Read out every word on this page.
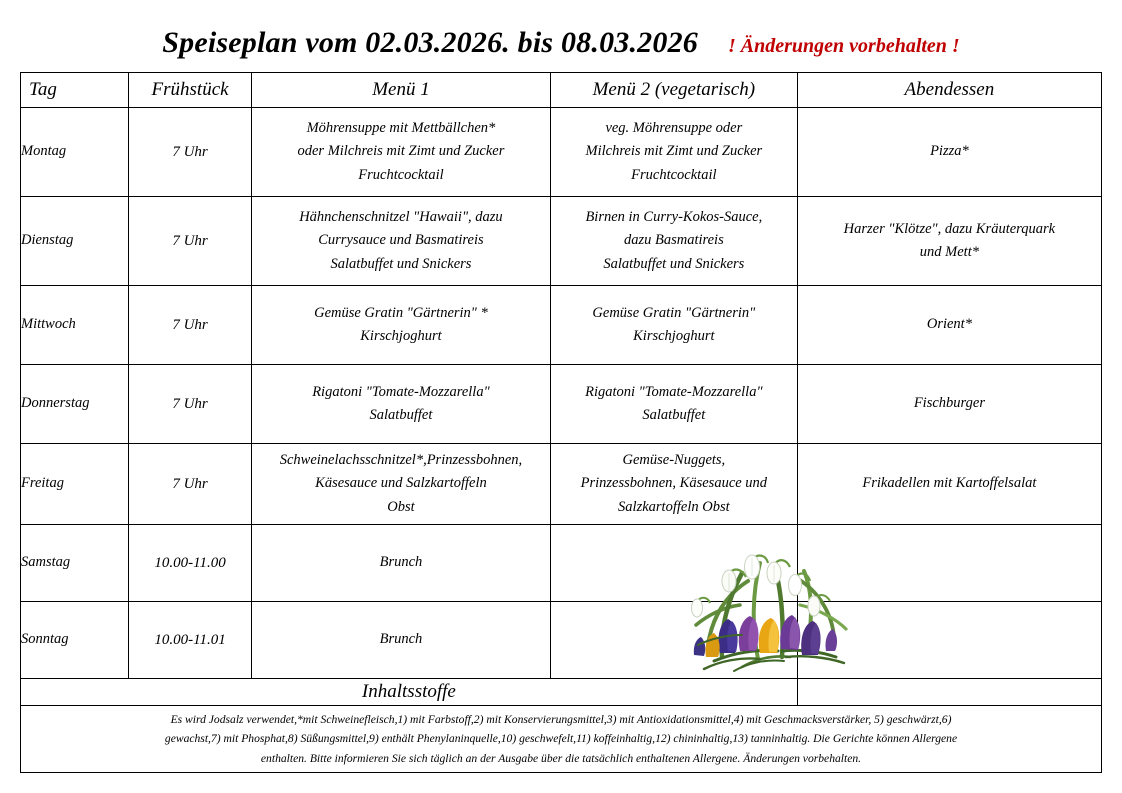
Speiseplan vom 02.03.2026. bis 08.03.2026 ! Änderungen vorbehalten !
Tag	Frühstück	Menü 1	Menü 2 (vegetarisch)	Abendessen
Montag	7 Uhr	Möhrensuppe mit Mettbällchen*
oder Milchreis mit Zimt und Zucker
Fruchtcocktail	veg. Möhrensuppe oder
Milchreis mit Zimt und Zucker
Fruchtcocktail	Pizza*

Dienstag	7 Uhr	Hähnchenschnitzel "Hawaii", dazu
Currysauce und Basmatireis
Salatbuffet und Snickers	Birnen in Curry-Kokos-Sauce,
dazu Basmatireis
Salatbuffet und Snickers	Harzer "Klötze", dazu Kräuterquark
und Mett*

Mittwoch	7 Uhr	Gemüse Gratin "Gärtnerin" *
Kirschjoghurt	Gemüse Gratin "Gärtnerin"
Kirschjoghurt	Orient*

Donnerstag	7 Uhr	Rigatoni "Tomate-Mozzarella"
Salatbuffet	Rigatoni "Tomate-Mozzarella"
Salatbuffet	Fischburger

Freitag	7 Uhr	Schweinelachsschnitzel*,Prinzessbohnen,
Käsesauce und Salzkartoffeln
Obst	Gemüse-Nuggets,
Prinzessbohnen, Käsesauce und
Salzkartoffeln Obst	Frikadellen mit Kartoffelsalat

Samstag	10.00-11.00	Brunch		

Sonntag	10.00-11.01	Brunch		

Inhaltsstoffe				

Es wird Jodsalz verwendet,*mit Schweinefleisch,1) mit Farbstoff,2) mit Konservierungsmittel,3) mit Antioxidationsmittel,4) mit Geschmacksverstärker, 5) geschwärzt,6)
gewachst,7) mit Phosphat,8) Süßungsmittel,9) enthält Phenylaninquelle,10) geschwefelt,11) koffeinhaltig,12) chininhaltig,13) tanninhaltig. Die Gerichte können Allergene
enthalten. Bitte informieren Sie sich täglich an der Ausgabe über die tatsächlich enthaltenen Allergene. Änderungen vorbehalten.				
